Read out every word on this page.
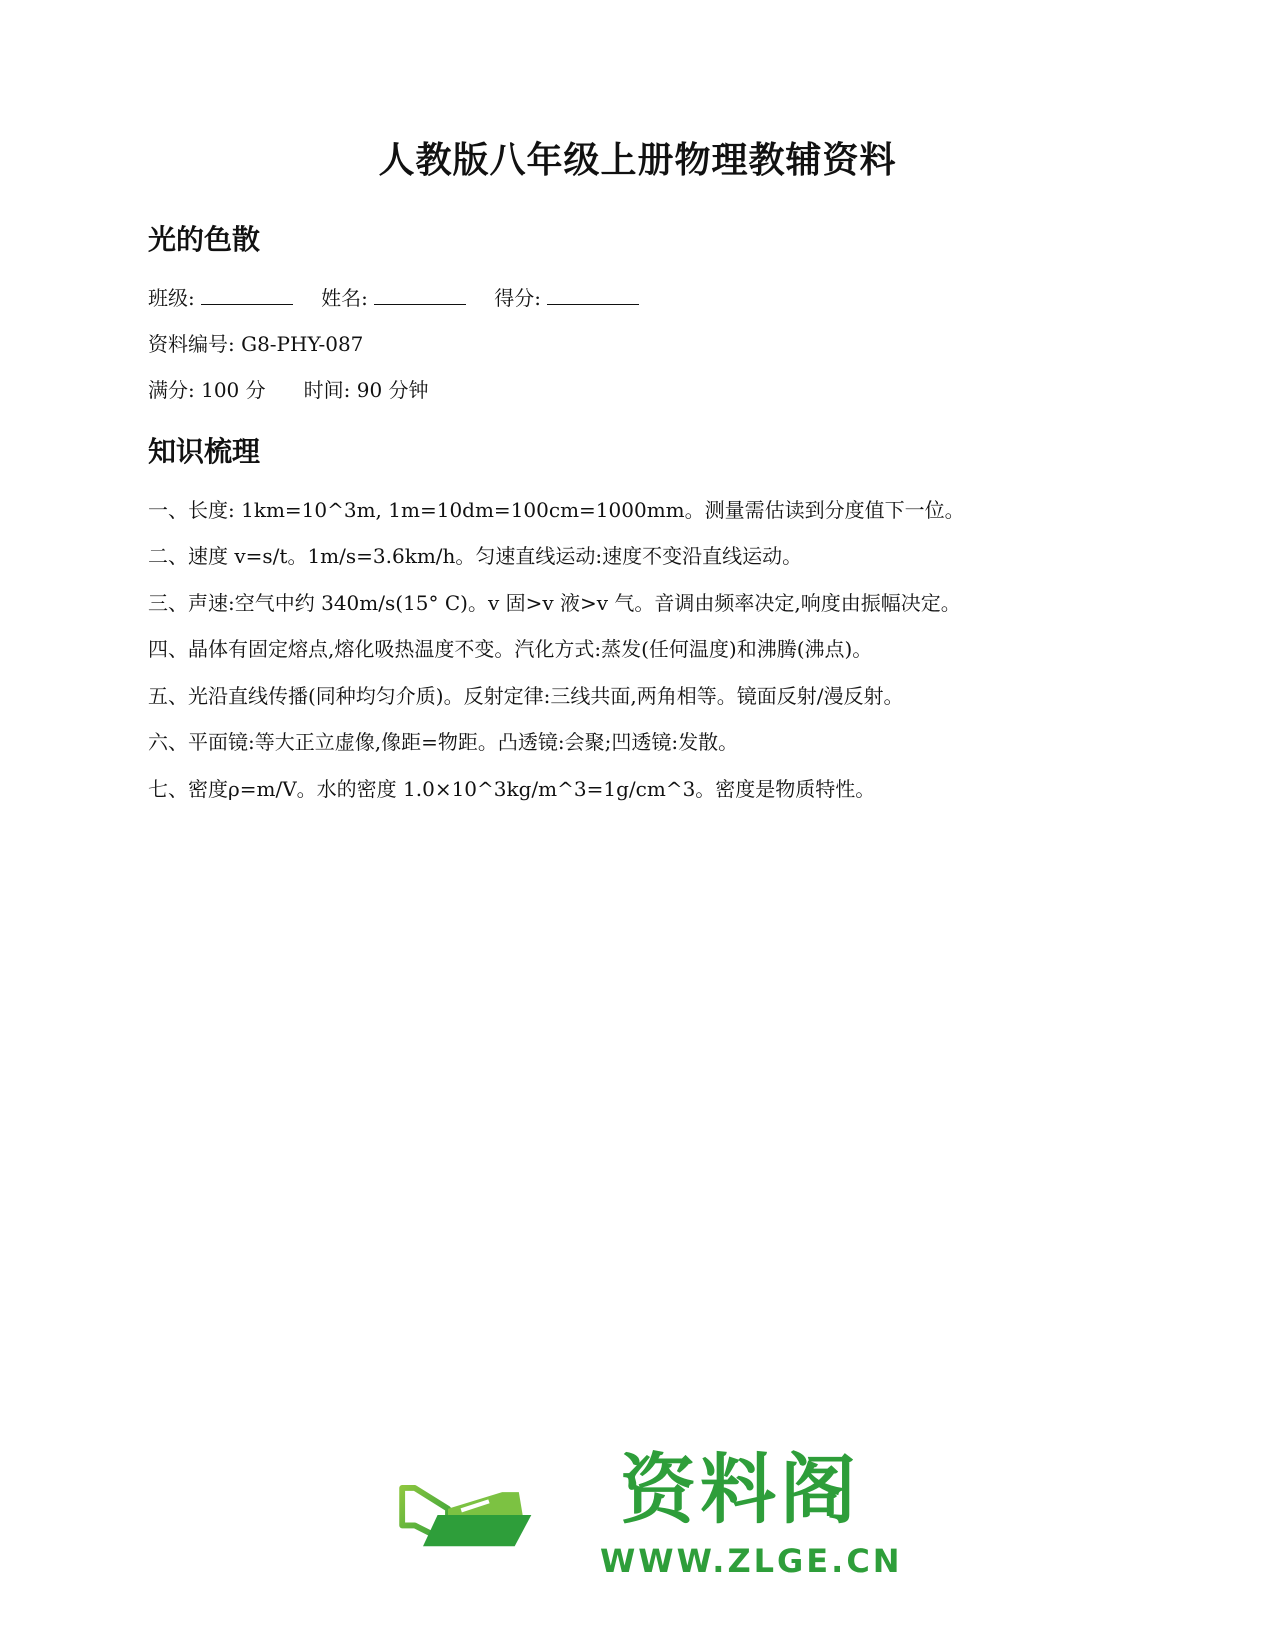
人教版八年级上册物理教辅资料
光的色散
班级:	姓名:	得分:
资料编号: G8-PHY-087
满分: 100 分 时间: 90 分钟
知识梳理
一、长度: 1km=10^3m, 1m=10dm=100cm=1000mm。测量需估读到分度值下一位。
二、速度 v=s/t。1m/s=3.6km/h。匀速直线运动:速度不变沿直线运动。
三、声速:空气中约 340m/s(15° C)。v 固>v 液>v 气。音调由频率决定,响度由振幅决定。
四、晶体有固定熔点,熔化吸热温度不变。汽化方式:蒸发(任何温度)和沸腾(沸点)。
五、光沿直线传播(同种均匀介质)。反射定律:三线共面,两角相等。镜面反射/漫反射。
六、平面镜:等大正立虚像,像距=物距。凸透镜:会聚;凹透镜:发散。
七、密度ρ=m/V。水的密度 1.0×10^3kg/m^3=1g/cm^3。密度是物质特性。
资料阁
WWW.ZLGE.CN
